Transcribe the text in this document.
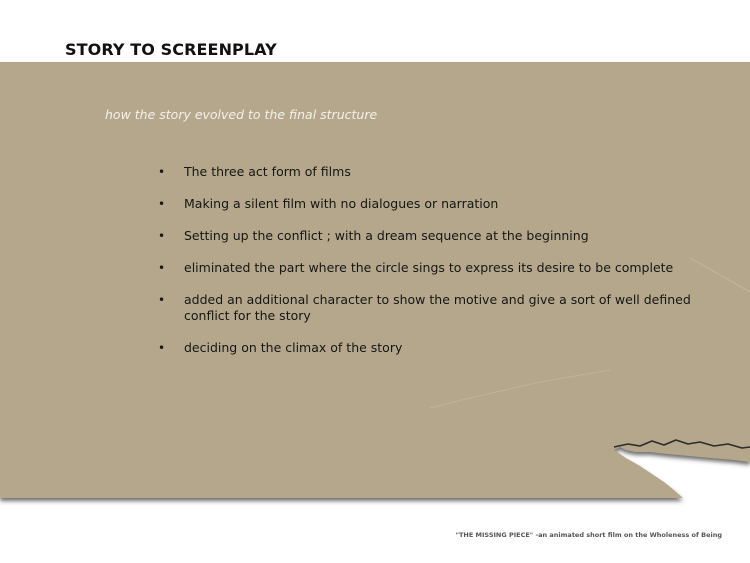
STORY TO SCREENPLAY

how the story evolved to the final structure

• The three act form of films
• Making a silent film with no dialogues or narration
• Setting up the conflict ; with a dream sequence at the beginning
• eliminated the part where the circle sings to express its desire to be complete
• added an additional character to show the motive and give a sort of well defined conflict for the story
• deciding on the climax of the story

"THE MISSING PIECE" -an animated short film on the Wholeness of Being
